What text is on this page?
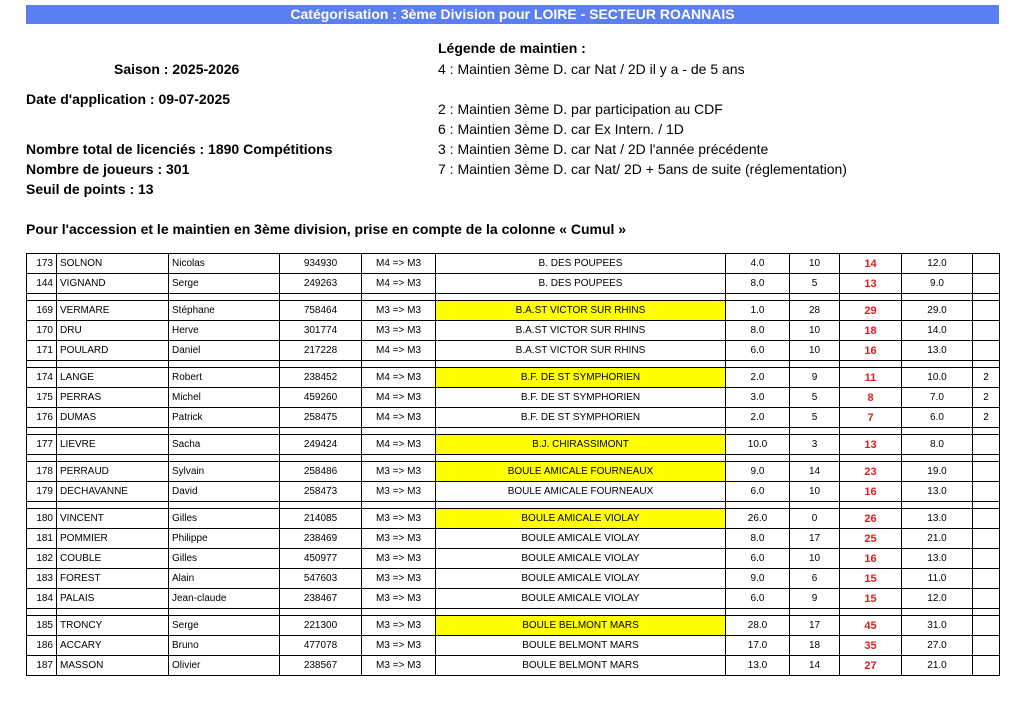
Catégorisation : 3ème Division pour LOIRE - SECTEUR ROANNAIS
Saison : 2025-2026
Date d'application : 09-07-2025
Nombre total de licenciés : 1890 Compétitions
Nombre de joueurs : 301
Seuil de points : 13
Légende de maintien :
4 : Maintien 3ème D. car Nat / 2D il y a - de 5 ans
2 : Maintien 3ème D. par participation au CDF
6 : Maintien 3ème D. car Ex Intern. / 1D
3 : Maintien 3ème D. car Nat / 2D l'année précédente
7 : Maintien 3ème D. car Nat/ 2D + 5ans de suite (réglementation)
Pour l'accession et le maintien en 3ème division, prise en compte de la colonne « Cumul »
173	SOLNON	Nicolas	934930	M4 => M3	B. DES POUPEES	4.0	10	14	12.0	
144	VIGNAND	Serge	249263	M4 => M3	B. DES POUPEES	8.0	5	13	9.0	

169	VERMARE	Stéphane	758464	M3 => M3	B.A.ST VICTOR SUR RHINS	1.0	28	29	29.0	
170	DRU	Herve	301774	M3 => M3	B.A.ST VICTOR SUR RHINS	8.0	10	18	14.0	
171	POULARD	Daniel	217228	M4 => M3	B.A.ST VICTOR SUR RHINS	6.0	10	16	13.0	

174	LANGE	Robert	238452	M4 => M3	B.F. DE ST SYMPHORIEN	2.0	9	11	10.0	2
175	PERRAS	Michel	459260	M4 => M3	B.F. DE ST SYMPHORIEN	3.0	5	8	7.0	2
176	DUMAS	Patrick	258475	M4 => M3	B.F. DE ST SYMPHORIEN	2.0	5	7	6.0	2

177	LIEVRE	Sacha	249424	M4 => M3	B.J. CHIRASSIMONT	10.0	3	13	8.0	

178	PERRAUD	Sylvain	258486	M3 => M3	BOULE AMICALE FOURNEAUX	9.0	14	23	19.0	
179	DECHAVANNE	David	258473	M3 => M3	BOULE AMICALE FOURNEAUX	6.0	10	16	13.0	

180	VINCENT	Gilles	214085	M3 => M3	BOULE AMICALE VIOLAY	26.0	0	26	13.0	
181	POMMIER	Philippe	238469	M3 => M3	BOULE AMICALE VIOLAY	8.0	17	25	21.0	
182	COUBLE	Gilles	450977	M3 => M3	BOULE AMICALE VIOLAY	6.0	10	16	13.0	
183	FOREST	Alain	547603	M3 => M3	BOULE AMICALE VIOLAY	9.0	6	15	11.0	
184	PALAIS	Jean-claude	238467	M3 => M3	BOULE AMICALE VIOLAY	6.0	9	15	12.0	

185	TRONCY	Serge	221300	M3 => M3	BOULE BELMONT MARS	28.0	17	45	31.0	
186	ACCARY	Bruno	477078	M3 => M3	BOULE BELMONT MARS	17.0	18	35	27.0	
187	MASSON	Olivier	238567	M3 => M3	BOULE BELMONT MARS	13.0	14	27	21.0	
